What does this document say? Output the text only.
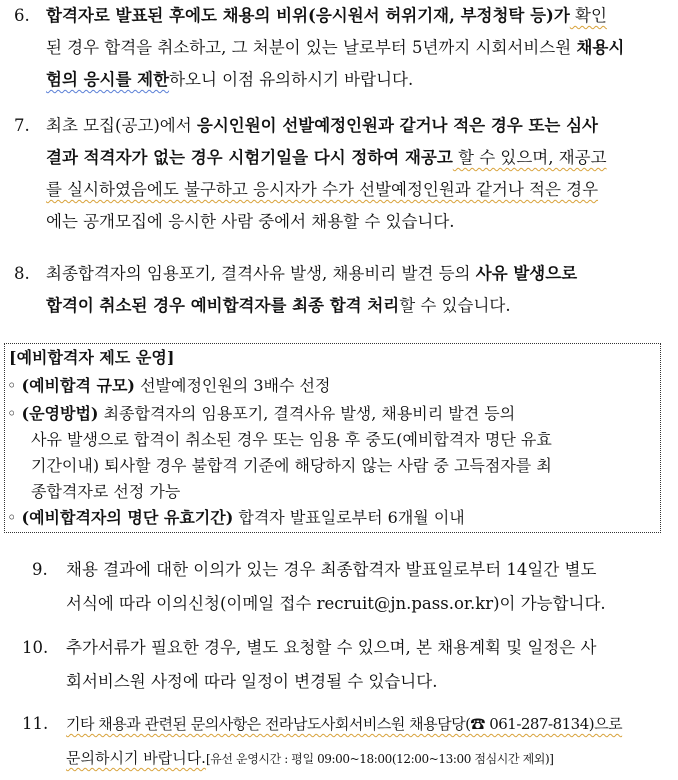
6. 합격자로 발표된 후에도 채용의 비위(응시원서 허위기재, 부정청탁 등)가 확인
된 경우 합격을 취소하고, 그 처분이 있는 날로부터 5년까지 시회서비스원 채용시
험의 응시를 제한하오니 이점 유의하시기 바랍니다.
7. 최초 모집(공고)에서 응시인원이 선발예정인원과 같거나 적은 경우 또는 심사
결과 적격자가 없는 경우 시험기일을 다시 정하여 재공고 할 수 있으며, 재공고
를 실시하였음에도 불구하고 응시자가 수가 선발예정인원과 같거나 적은 경우
에는 공개모집에 응시한 사람 중에서 채용할 수 있습니다.
8. 최종합격자의 임용포기, 결격사유 발생, 채용비리 발견 등의 사유 발생으로
합격이 취소된 경우 예비합격자를 최종 합격 처리할 수 있습니다.
[예비합격자 제도 운영]
◦ (예비합격 규모) 선발예정인원의 3배수 선정
◦ (운영방법) 최종합격자의 임용포기, 결격사유 발생, 채용비리 발견 등의
사유 발생으로 합격이 취소된 경우 또는 임용 후 중도(예비합격자 명단 유효
기간이내) 퇴사할 경우 불합격 기준에 해당하지 않는 사람 중 고득점자를 최
종합격자로 선정 가능
◦ (예비합격자의 명단 유효기간) 합격자 발표일로부터 6개월 이내
9. 채용 결과에 대한 이의가 있는 경우 최종합격자 발표일로부터 14일간 별도
서식에 따라 이의신청(이메일 접수 recruit@jn.pass.or.kr)이 가능합니다.
10. 추가서류가 필요한 경우, 별도 요청할 수 있으며, 본 채용계획 및 일정은 사
회서비스원 사정에 따라 일정이 변경될 수 있습니다.
11. 기타 채용과 관련된 문의사항은 전라남도사회서비스원 채용담당(☎ 061-287-8134)으로
문의하시기 바랍니다.[유선 운영시간 : 평일 09:00~18:00(12:00~13:00 점심시간 제외)]
